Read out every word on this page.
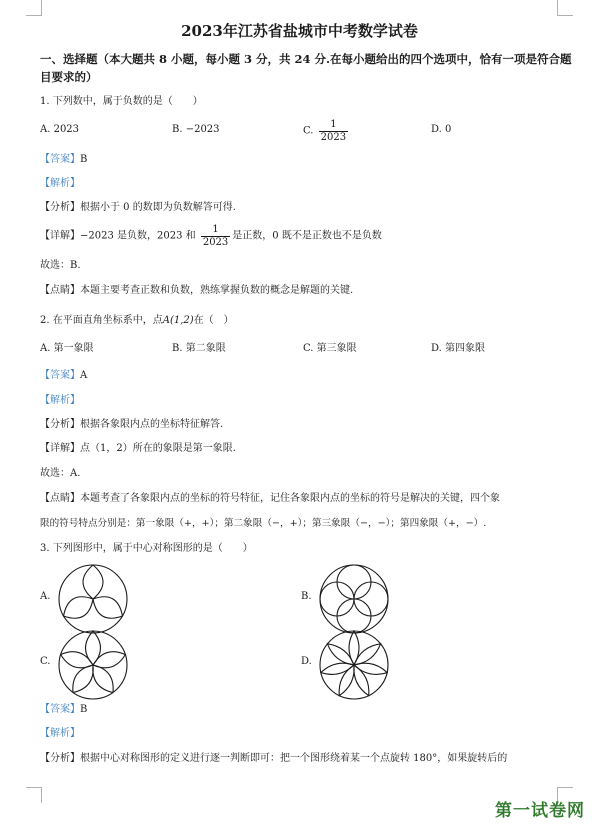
2023年江苏省盐城市中考数学试卷
一、选择题（本大题共 8 小题，每小题 3 分，共 24 分.在每小题给出的四个选项中，恰有一项是符合题目要求的）
1. 下列数中，属于负数的是（　　）
A. 2023	B. −2023	C. $\frac{1}{2023}$	D. 0
【答案】B
【解析】
【分析】根据小于 0 的数即为负数解答可得.
【详解】−2023 是负数，2023 和 $\frac{1}{2023}$ 是正数，0 既不是正数也不是负数
故选：B.
【点睛】本题主要考查正数和负数，熟练掌握负数的概念是解题的关键.
2. 在平面直角坐标系中，点A(1,2)在（　）
A. 第一象限	B. 第二象限	C. 第三象限	D. 第四象限
【答案】A
【解析】
【分析】根据各象限内点的坐标特征解答.
【详解】点（1，2）所在的象限是第一象限.
故选：A.
【点睛】本题考查了各象限内点的坐标的符号特征，记住各象限内点的坐标的符号是解决的关键，四个象
限的符号特点分别是：第一象限（+，+）；第二象限（−，+）；第三象限（−，−）；第四象限（+，−）.
3. 下列图形中，属于中心对称图形的是（　　）
A.	B.
C.	D.
【答案】B
【解析】
【分析】根据中心对称图形的定义进行逐一判断即可：把一个图形绕着某一个点旋转 180°，如果旋转后的
第一试卷网
